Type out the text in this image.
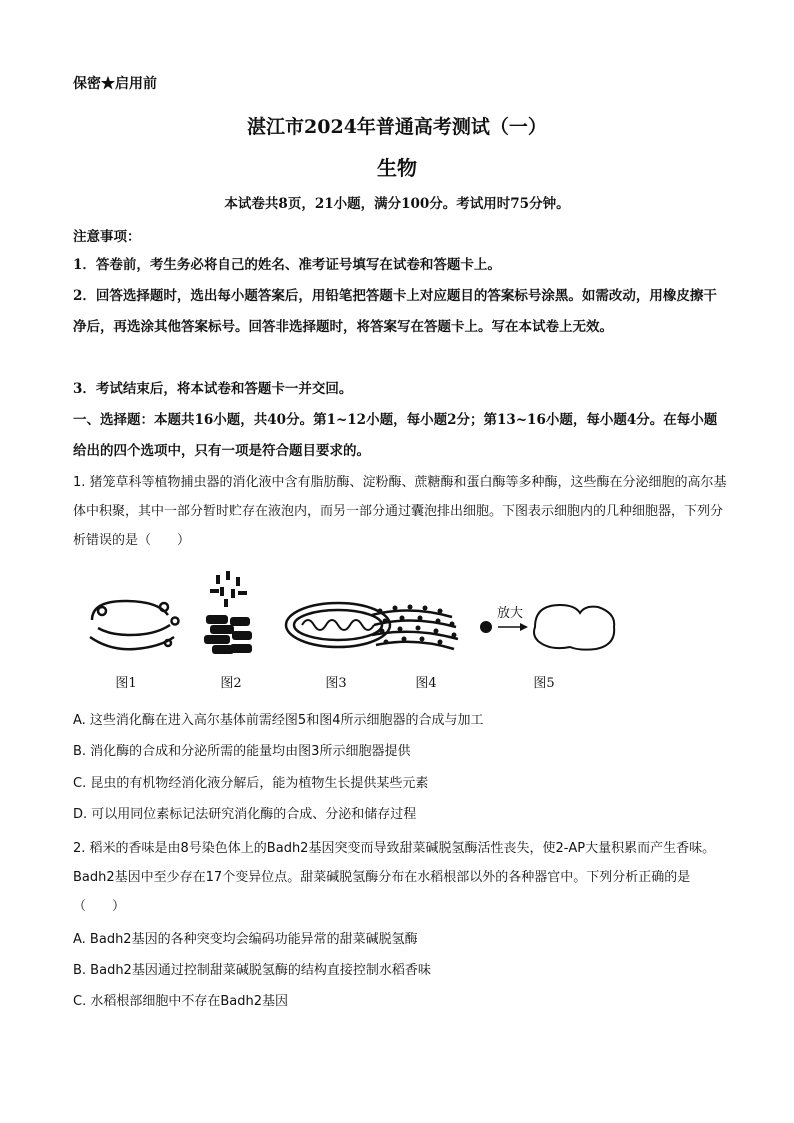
保密★启用前
湛江市2024年普通高考测试（一）
生物
本试卷共8页，21小题，满分100分。考试用时75分钟。
注意事项：
1．答卷前，考生务必将自己的姓名、准考证号填写在试卷和答题卡上。
2．回答选择题时，选出每小题答案后，用铅笔把答题卡上对应题目的答案标号涂黑。如需改动，用橡皮擦干净后，再选涂其他答案标号。回答非选择题时，将答案写在答题卡上。写在本试卷上无效。
3．考试结束后，将本试卷和答题卡一并交回。
一、选择题：本题共16小题，共40分。第1~12小题，每小题2分；第13~16小题，每小题4分。在每小题给出的四个选项中，只有一项是符合题目要求的。
1. 猪笼草科等植物捕虫器的消化液中含有脂肪酶、淀粉酶、蔗糖酶和蛋白酶等多种酶，这些酶在分泌细胞的高尔基体中积聚，其中一部分暂时贮存在液泡内，而另一部分通过囊泡排出细胞。下图表示细胞内的几种细胞器，下列分析错误的是（　　）
放大
图1	图2	图3	图4	图5
A. 这些消化酶在进入高尔基体前需经图5和图4所示细胞器的合成与加工
B. 消化酶的合成和分泌所需的能量均由图3所示细胞器提供
C. 昆虫的有机物经消化液分解后，能为植物生长提供某些元素
D. 可以用同位素标记法研究消化酶的合成、分泌和储存过程
2. 稻米的香味是由8号染色体上的Badh2基因突变而导致甜菜碱脱氢酶活性丧失，使2-AP大量积累而产生香味。Badh2基因中至少存在17个变异位点。甜菜碱脱氢酶分布在水稻根部以外的各种器官中。下列分析正确的是（　　）
A. Badh2基因的各种突变均会编码功能异常的甜菜碱脱氢酶
B. Badh2基因通过控制甜菜碱脱氢酶的结构直接控制水稻香味
C. 水稻根部细胞中不存在Badh2基因
